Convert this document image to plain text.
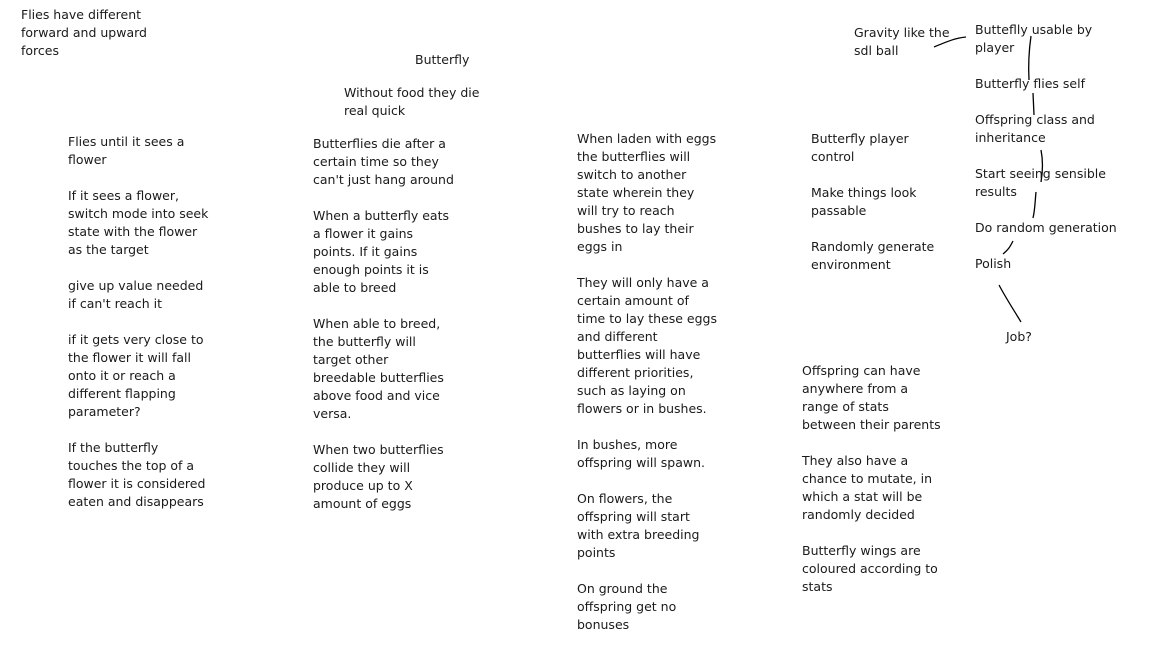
Flies have different
forward and upward
forces
Butterfly
Without food they die
real quick

Flies until it sees a
flower

If it sees a flower,
switch mode into seek
state with the flower
as the target

give up value needed
if can't reach it

if it gets very close to
the flower it will fall
onto it or reach a
different flapping
parameter?

If the butterfly
touches the top of a
flower it is considered
eaten and disappears

Butterflies die after a
certain time so they
can't just hang around

When a butterfly eats
a flower it gains
points. If it gains
enough points it is
able to breed

When able to breed,
the butterfly will
target other
breedable butterflies
above food and vice
versa.

When two butterflies
collide they will
produce up to X
amount of eggs

When laden with eggs
the butterflies will
switch to another
state wherein they
will try to reach
bushes to lay their
eggs in

They will only have a
certain amount of
time to lay these eggs
and different
butterflies will have
different priorities,
such as laying on
flowers or in bushes.

In bushes, more
offspring will spawn.

On flowers, the
offspring will start
with extra breeding
points

On ground the
offspring get no
bonuses

Butterfly player
control

Make things look
passable

Randomly generate
environment

Offspring can have
anywhere from a
range of stats
between their parents

They also have a
chance to mutate, in
which a stat will be
randomly decided

Butterfly wings are
coloured according to
stats

Gravity like the
sdl ball

Butteflly usable by
player

Butterfly flies self

Offspring class and
inheritance

Start seeing sensible
results

Do random generation

Polish

Job?
